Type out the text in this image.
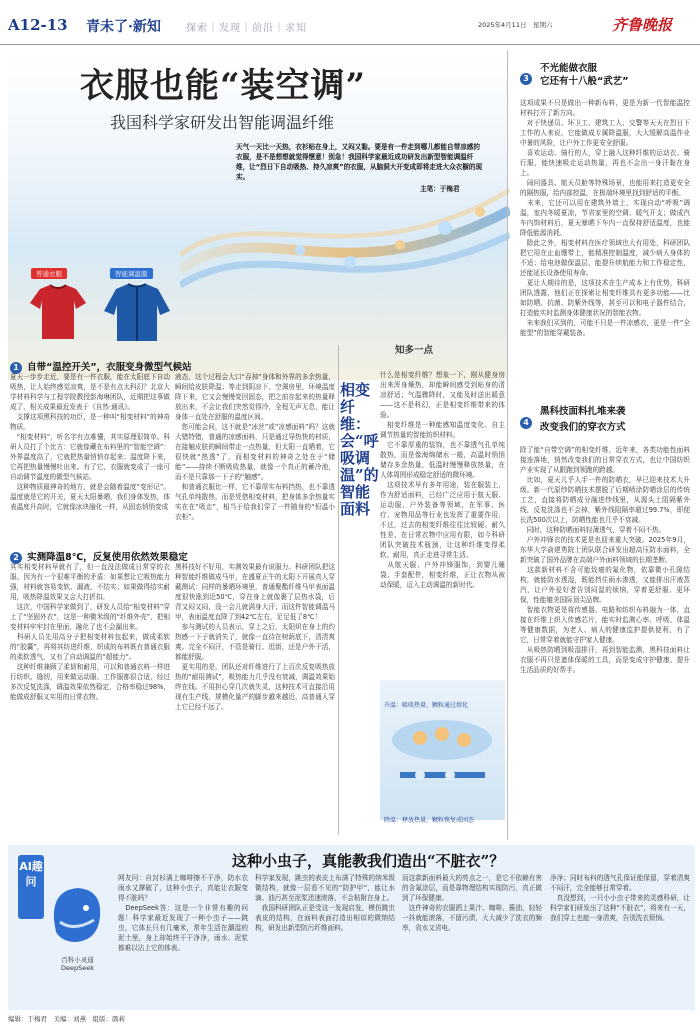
A12-13 青未了·新知	探索｜发现｜前沿｜求知	2025年4月11日　星期六	齐鲁晚报
衣服也能“装空调”
我国科学家研发出智能调温纤维
天气一天比一天热，衣衫贴在身上，又闷又黏。要是有一件走到哪儿都能自带凉感的衣服，是不是想想就觉得惬意！别急！我国科学家最近成功研发出新型智能调温纤维，让“烈日下自动吸热、持久凉爽”的衣服，从脑洞大开变成即将走进大众衣橱的现实。
主笔：于梅君
普通衣服	智能调温服
1 自带“温控开关”，衣服变身微型气候站
夏天一步步走近，要是有一件衣服，能在太阳底下自动吸热，让人始终感觉凉爽，是不是有点太科幻？北京大学材料科学与工程学院教授彭海琳团队，近期把这事做成了，相关成果最近发表于《自然·通讯》。
　支撑这项黑科技的功臣，是一种叫“相变材料”的神奇物质。
　“相变材料”，听名字有点难懂，其实原理很简单。科研人员打了个比方：它就像藏在布料里的“智能空调”：外界温度高了，它就把热量悄悄存起来；温度降下来，它再把热量慢慢吐出来。有了它，衣服就变成了一座可自动调节温度的微型气候站。
　这种物质最神奇的地方，就是会随着温度“变形记”。温度就是它的开关，夏天太阳暴晒，我们身体发热，体表温度升高时，它就像冰块融化一样，从固态悄悄变成
液态，这个过程会大口“吞掉”身体和外界的多余热量，瞬间给皮肤降温；等走到阴凉下、空调房里，环境温度降下来，它又会慢慢变回固态，把之前存起来的热量释放出来，不会让我们突然觉得冷，全程无声无息，能让身体一直处在舒服的温度区间。
　您可能会问，这不就是“冰丝”或“凉感面料”吗？这就大错特错，普通的凉感面料，只是通过导热快的材质，在接触皮肤的瞬间带走一点热量，但太阳一直晒着，它很快就“热透”了，而相变材料的神奇之处在于“储能”——持续不断吸收热量，就像一个真正的蓄冷池，而不是只靠那一下子的“触感”。
　和普通衣服比一样，它不靠厚实布料挡热，也不靠透气孔单纯散热，而是凭借相变材料，把身体多余热量实实在在“吸走”，相当于给我们穿了一件随身的“恒温小衣柜”。
2 实测降温8℃，反复使用依然效果稳定
其实相变材料早就有了，但一直没法做成日常穿的衣服。因为有一个很难平衡的矛盾：如果想让它吸热能力强，材料就容易变软、漏液，不结实；如果做得结实耐用，吸热降温效果又会大打折扣。
　这次，中国科学家做到了，研发人员给“相变材料”穿上了“坚固外衣”，这是一种微米级的“纤维外壳”，把相变材料牢牢封在里面，融化了也不会漏出来。
　科研人员先用高分子把相变材料包起来，做成柔软的“胶囊”，再将其纺进纤维，织成的布料既有普通衣服的柔软透气，又有了自动调温的“超能力”。
　这种纤维兼顾了柔韧和耐用，可以和普通衣料一样进行纺织、缝纫，用来做运动服、工作服都很合适，经过多次反复洗涤，调温效果依然稳定，合格率稳过98%，能做成舒服又实用的日常衣物。
黑科技好不好用，实测效果最有说服力。科研团队把这种智能纤维做成马甲，在盛夏正午的太阳下开展真人穿戴测试：同样的暴晒环境里，普通聚酯纤维马甲表面温度很快涨到近50℃，穿在身上就像裹了层热水袋，后背又闷又闷，没一会儿就满身大汗；而这件智能调温马甲，表面温度直降了到42℃左右，足足低了8℃！
　参与测试的人员表示，穿上之后，太阳炽在身上的灼热感一下子就消失了，就像一直待在树荫底下，清清爽爽。完全不闷汗，不管是骑行、逛街，还是户外干活，都能舒服。
　更实用的是，团队还对纤维进行了上百次反复吸热放热的“耐用测试”，吸热能力几乎没有衰减，调温效果始终在线。不用担心穿几次就失灵，这种技术可直接沿用现有生产线，规模化量产的脚步越来越近，高普通人穿上它已经不远了。
相变纤维：会“呼吸调温”的智能面料
知多一点
什么是相变纤维？想象一下，刚从健身房出来浑身燥热，却能瞬间感受到贴身的清凉舒适；气温骤降时，又能及时送出暖意——这不是科幻，正是相变纤维带来的体验。
　相变纤维是一种能感知温度变化、自主调节热量的智能纺织材料。
　它不靠厚重的装饰，也不靠透气孔单纯散热，而是像海绵储水一般，高温时悄悄储存多余热量，低温时慢慢释放热量，在人体周围形成稳定舒适的微环境。
　这项技术早有多年用途，装在服装上，作为舒适面料，已经广泛应用于航天服、运动服、户外装备等领域，在军事、医疗、宠物用品等行业也发挥了重要作用，不过，过去的相变纤维往往比较硬、耐久性差、在日常衣物中应用有限，如今科研团队突破技术瓶颈，让这种纤维变得柔软、耐用，真正走进寻常生活。
　从航天服、户外冲锋服饰，到婴儿睡袋、手套配件，相变纤维，正让衣物从被动保暖，迈入主动调温的新时代。
升温：吸收热量，颗粒通过熔化
降温：释放热量，颗粒恢复成固态
3
不光能做衣服
它还有十八般“武艺”
这项成果不只是做出一种新布料，更是为新一代智能温控材料打开了新方向。
　对于快递员、环卫工、建筑工人、交警等天天在烈日下工作的人来说，它能做成专属降温服，大大缓解高温作业中暑的风险，让户外工作更安全舒服。
　喜欢运动、骑行的人，穿上融入这种纤维的运动衣、骑行服，能快速吸走运动热量，再也不会出一身汗黏在身上。
　闹问器具、航天员舱等特殊场景，也能用来打造更安全的隔热服，给内部控温，在极端环境里找到舒适的平衡。
　未来，它还可以用在建筑外墙上，实现自动“呼吸”调温，室内冬暖夏凉，节省家里的空调、暖气开支；做成汽车内饰材料后，夏天暴晒下车内一直保持舒适温度，也能降低能源消耗。
　除此之外，相变材料在医疗领域也大有用处，科研团队把它用在止血绷带上，能精准控制温度，减少病人身体的不适；给电池做保温层，能提升续航能力和工作稳定性，还能延长设备使用寿命。
　更让人期待的是，这项技术在生产成本上有优势，科研团队透露，他们正在探索让相变纤维具有更多功能——比如防晒、抗菌、防紫外线等，甚至可以和电子器件结合，打造能实时监测身体健康状况的智能衣物。
　未来我们买到的，可能不只是一件凉感衣，更是一件“全能型”的智能穿戴装备。
4
黑科技面料扎堆来袭
改变我们的穿衣方式
除了能“自带空调”的相变纤维，近年来，各类功能性面料接连落地，悄然改变我们的日常穿衣方式，也让中国纺织产业实现了从跟跑到领跑的跨越。
　比如，夏天儿乎人手一件的防晒衣，早已迎来技术大升级。新一代原纱防晒技术摆脱了后期喷涂防晒涂层的传统工艺，直接将防晒成分融进纱线里，从源头上阻隔紫外线，反复洗涤也不会掉，紫外线阻隔率超过99.7%，即便长洗500次以上，防晒性能也几乎不衰减。
　同时，这种防晒面料轻薄透气，穿着不闷不热。
　户外冲锋衣的技术更是也迎来重大突破。2025年9月，东华大学俞建勇院士团队联合研发出超高压防水面料，全新突破了国外品牌在高端户外面料领域的长期垄断。
　这款新材料不含可能致癌的氟化物，依靠微小孔隙结构，就能防水透湿，既能挡住雨水渗透，又能排出汗液蒸汽，让户外爱好者告别闷湿的烦恼，穿着更舒服、更环保，性能媲美国际顶尖品牌。
　智能衣物更是将传感器、电路和纺织布料融为一体，直接在纤维上织入传感芯片，能实时监测心率、呼吸、体温等健康数据，为老人、病人的健康监护提供便利，有了它，日常穿着就能守护家人健康。
　从吸热防晒到吸湿排汗，再到智能监测，黑科技面料让衣服不再只是遮体保暖的工具，而是变成守护健康、提升生活品质的好帮手。
AI趣问
这种小虫子，真能教我们造出“不脏衣”？
百科小灵通
DeepSeek
网友问：自封衫满上咖啡擦不干净，防水衣雨水又撑破了，这种小虫子，真能让衣服变得不脏吗？
　DeepSeek答：这是一个非常有趣的问题！科学家最近发现了一种小虫子——跳虫，它体长只有几毫米，常年生活在潮湿的泥土里，身上却始终干干净净，雨水、泥浆都难以沾上它的体表。
科学家发现，跳虫的表皮上布满了特殊的纳米级微结构，就像一层看不见的“防护甲”，能让水滴、油污甚至泥浆迅速滚落，不会粘附在身上。
　我国科研团队正是受这一发现启发，模仿跳虫表皮的结构，在面料表面打造出相似的微纳结构，研发出新型防污纤维面料。
而这款新面料最大的亮点之一，是它不依赖有害的含氟涂层，而是靠物理结构实现防污，真正做到了环保健康。
　这件神奇的衣服洒上果汁、咖啡、酱油，轻轻一抖就能滚落，不留污渍，大大减少了洗衣的频率，省水又省电。
净净；同时布料的透气孔保证能保留，穿着清爽不闷汗，完全能够日常穿着。
　真没想到，一只小小虫子带来的灵感科研，让科学家们研发出了这种“不脏衣”，将来有一天，我们穿上也能一身清爽，告别洗衣烦恼。
编辑：于梅君　美编：刘燕　组版：颜莉
